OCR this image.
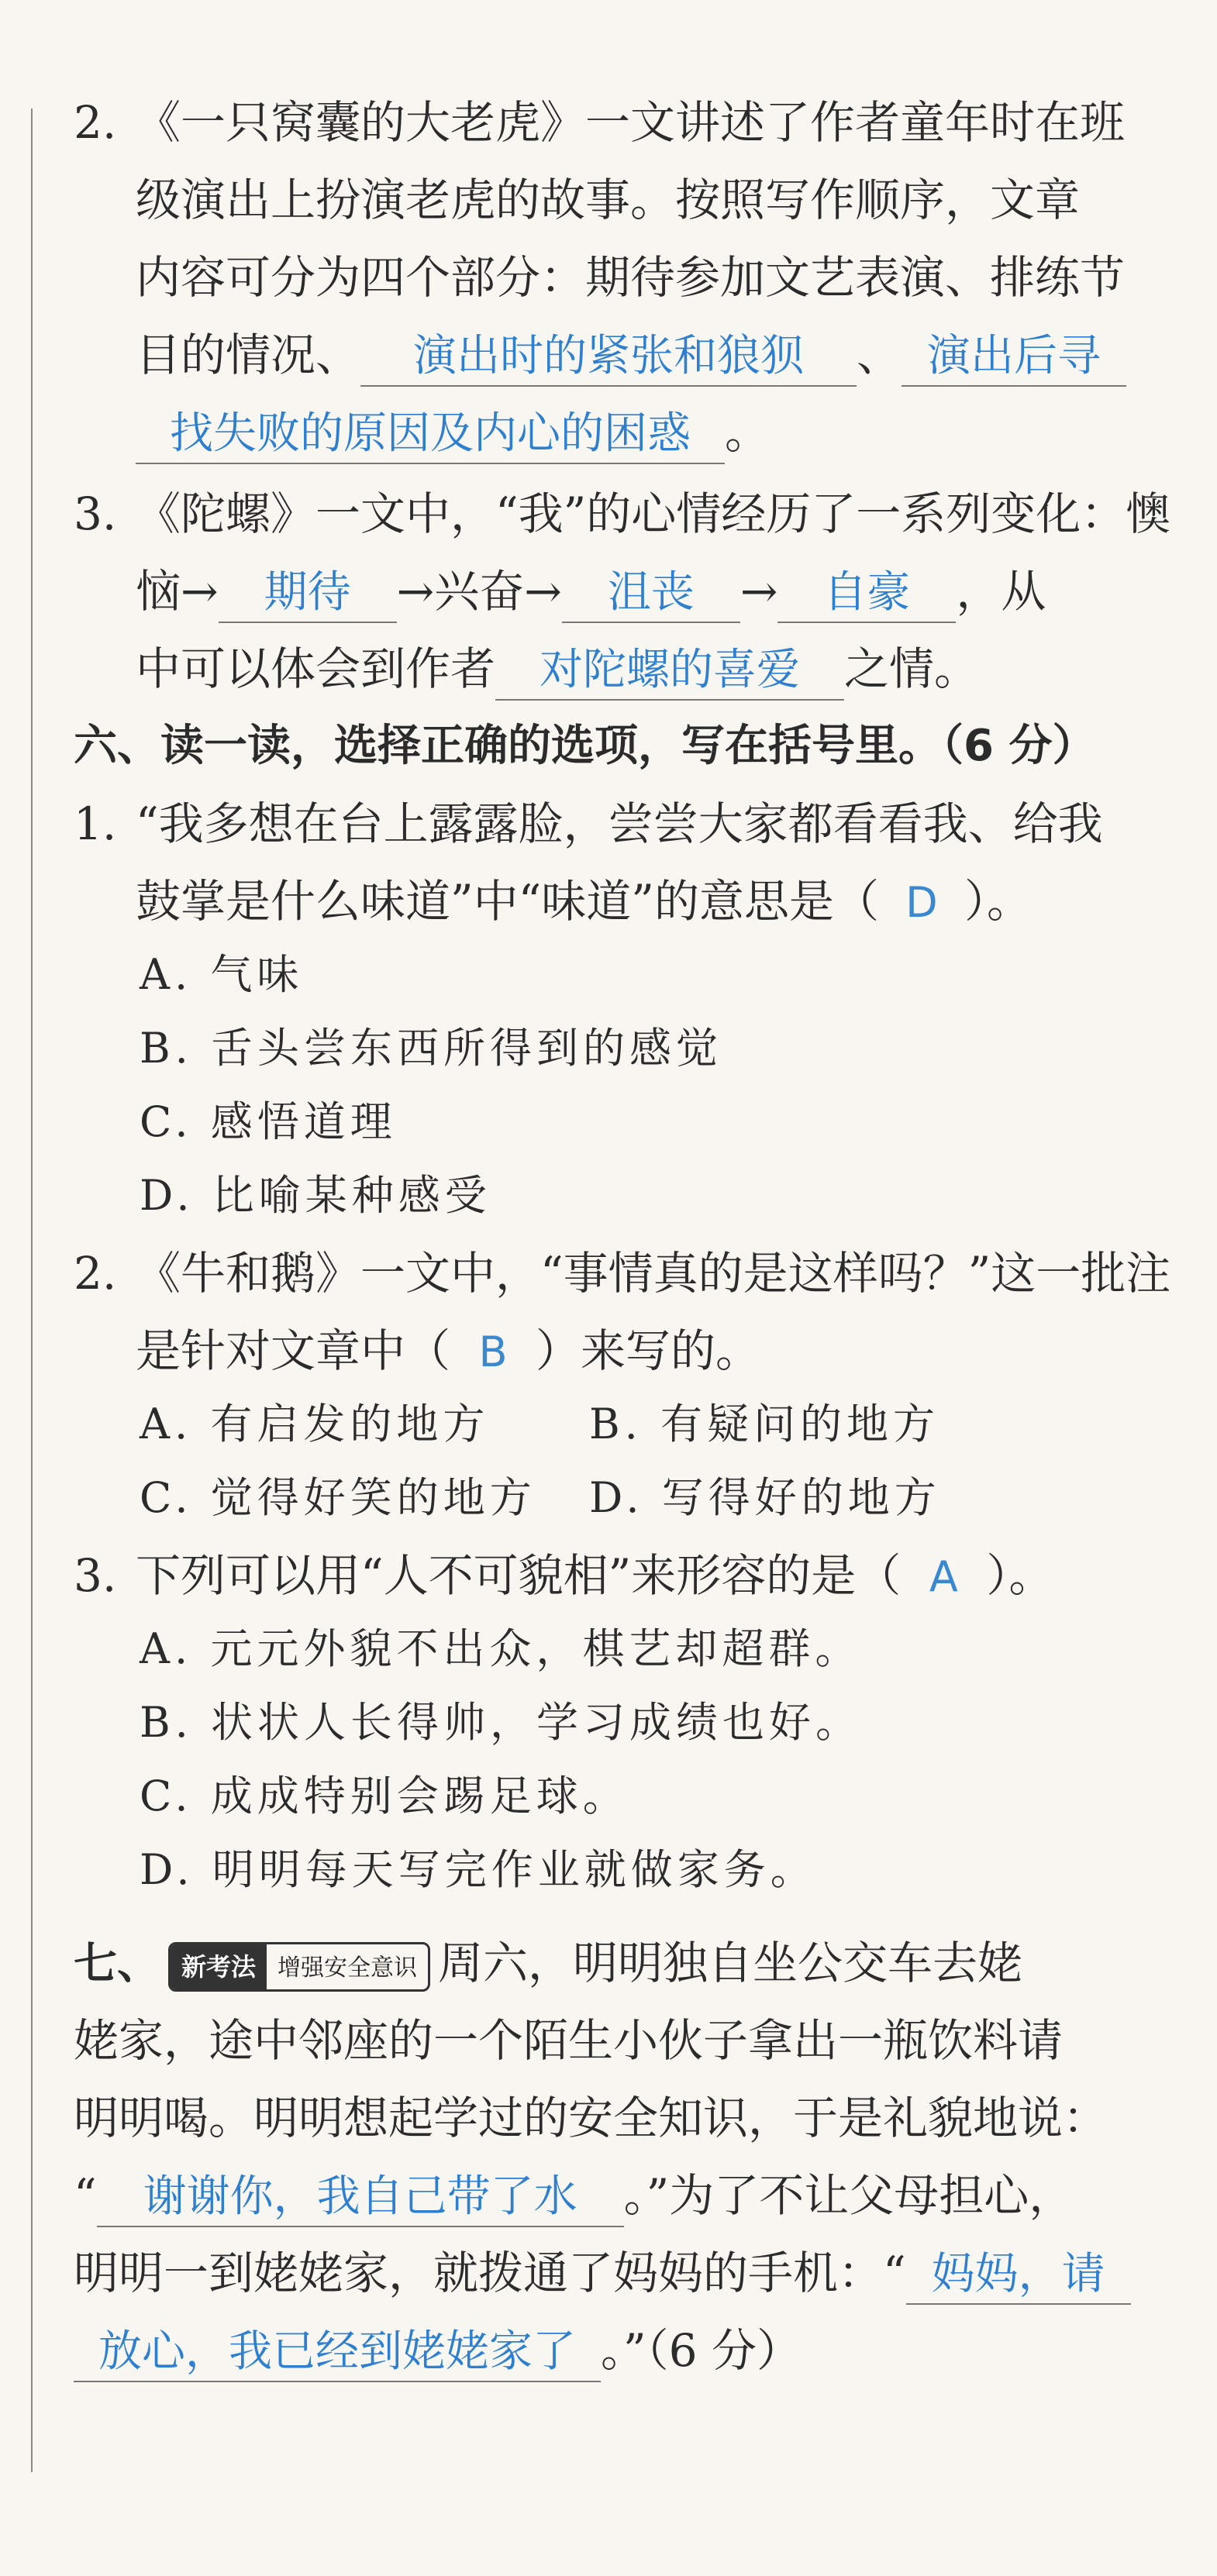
2. 《一只窝囊的大老虎》一文讲述了作者童年时在班
级演出上扮演老虎的故事。按照写作顺序，文章
内容可分为四个部分：期待参加文艺表演、排练节
目的情况、 演出时的紧张和狼狈 、 演出后寻
找失败的原因及内心的困惑 。
3. 《陀螺》一文中，“我”的心情经历了一系列变化：懊
恼→ 期待 →兴奋→ 沮丧 → 自豪 ，从
中可以体会到作者 对陀螺的喜爱 之情。
六、读一读，选择正确的选项，写在括号里。（6 分）
1. “我多想在台上露露脸，尝尝大家都看看我、给我
鼓掌是什么味道”中“味道”的意思是（ D ）。
A. 气味
B. 舌头尝东西所得到的感觉
C. 感悟道理
D. 比喻某种感受
2. 《牛和鹅》一文中，“事情真的是这样吗？”这一批注
是针对文章中（ B ）来写的。
A. 有启发的地方 B. 有疑问的地方
C. 觉得好笑的地方 D. 写得好的地方
3. 下列可以用“人不可貌相”来形容的是（ A ）。
A. 元元外貌不出众，棋艺却超群。
B. 状状人长得帅，学习成绩也好。
C. 成成特别会踢足球。
D. 明明每天写完作业就做家务。
七、 新考法 增强安全意识 周六，明明独自坐公交车去姥
姥家，途中邻座的一个陌生小伙子拿出一瓶饮料请
明明喝。明明想起学过的安全知识，于是礼貌地说：
“ 谢谢你，我自己带了水 。”为了不让父母担心，
明明一到姥姥家，就拨通了妈妈的手机：“ 妈妈，请
放心，我已经到姥姥家了 。”（6 分）
